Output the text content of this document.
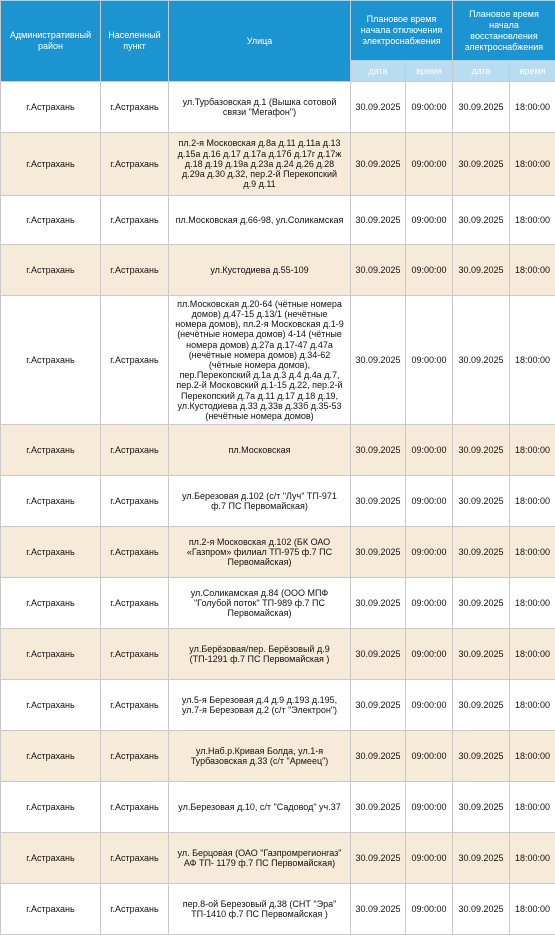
Административный район	Населенный пункт	Улица	Плановое время начала отключения электроснабжения		Плановое время начала восстановления электроснабжения	
			дата	время	дата	время
г.Астрахань	г.Астрахань	ул.Турбазовская д.1 (Вышка сотовой связи "Мегафон")	30.09.2025	09:00:00	30.09.2025	18:00:00
г.Астрахань	г.Астрахань	пл.2-я Московская д.8а д.11 д.11а д.13 д.15а д.16 д.17 д.17а д.17б д.17г д.17ж д.18 д.19 д.19а д.23а д.24 д.26 д.28 д.29а д.30 д.32, пер.2-й Перекопский д.9 д.11	30.09.2025	09:00:00	30.09.2025	18:00:00
г.Астрахань	г.Астрахань	пл.Московская д.66-98, ул.Соликамская	30.09.2025	09:00:00	30.09.2025	18:00:00
г.Астрахань	г.Астрахань	ул.Кустодиева д.55-109	30.09.2025	09:00:00	30.09.2025	18:00:00
г.Астрахань	г.Астрахань	пл.Московская д.20-64 (чётные номера домов) д.47-15 д.13/1 (нечётные номера домов), пл.2-я Московская д.1-9 (нечётные номера домов) 4-14 (чётные номера домов) д.27а д.17-47 д.47а (нечётные номера домов) д.34-62 (чётные номера домов), пер.Перекопский д.1а д.3 д.4 д.4а д.7, пер.2-й Московский д.1-15 д.22, пер.2-й Перекопский д.7а д.11 д.17 д.18 д.19, ул.Кустодиева д.33 д.33в д.33б д.35-53 (нечётные номера домов)	30.09.2025	09:00:00	30.09.2025	18:00:00
г.Астрахань	г.Астрахань	пл.Московская	30.09.2025	09:00:00	30.09.2025	18:00:00
г.Астрахань	г.Астрахань	ул.Березовая д.102 (с/т "Луч" ТП-971 ф.7 ПС Первомайская)	30.09.2025	09:00:00	30.09.2025	18:00:00
г.Астрахань	г.Астрахань	пл.2-я Московская д.102 (БК ОАО «Газпром» филиал ТП-975 ф.7 ПС Первомайская)	30.09.2025	09:00:00	30.09.2025	18:00:00
г.Астрахань	г.Астрахань	ул.Соликамская д.84 (ООО МПФ "Голубой поток" ТП-989 ф.7 ПС Первомайская)	30.09.2025	09:00:00	30.09.2025	18:00:00
г.Астрахань	г.Астрахань	ул.Берёзовая/пер. Берёзовый д.9 (ТП-1291 ф.7 ПС Первомайская )	30.09.2025	09:00:00	30.09.2025	18:00:00
г.Астрахань	г.Астрахань	ул.5-я Березовая д.4 д.9 д.193 д.195, ул.7-я Березовая д.2 (с/т "Электрон")	30.09.2025	09:00:00	30.09.2025	18:00:00
г.Астрахань	г.Астрахань	ул.Наб.р.Кривая Болда, ул.1-я Турбазовская д.33 (с/т "Армеец")	30.09.2025	09:00:00	30.09.2025	18:00:00
г.Астрахань	г.Астрахань	ул.Березовая д.10, с/т "Садовод" уч.37	30.09.2025	09:00:00	30.09.2025	18:00:00
г.Астрахань	г.Астрахань	ул. Берцовая (ОАО "Газпромрегионгаз" АФ ТП- 1179 ф.7 ПС Первомайская)	30.09.2025	09:00:00	30.09.2025	18:00:00
г.Астрахань	г.Астрахань	пер.8-ой Березовый д.38 (СНТ "Эра" ТП-1410 ф.7 ПС Первомайская )	30.09.2025	09:00:00	30.09.2025	18:00:00
